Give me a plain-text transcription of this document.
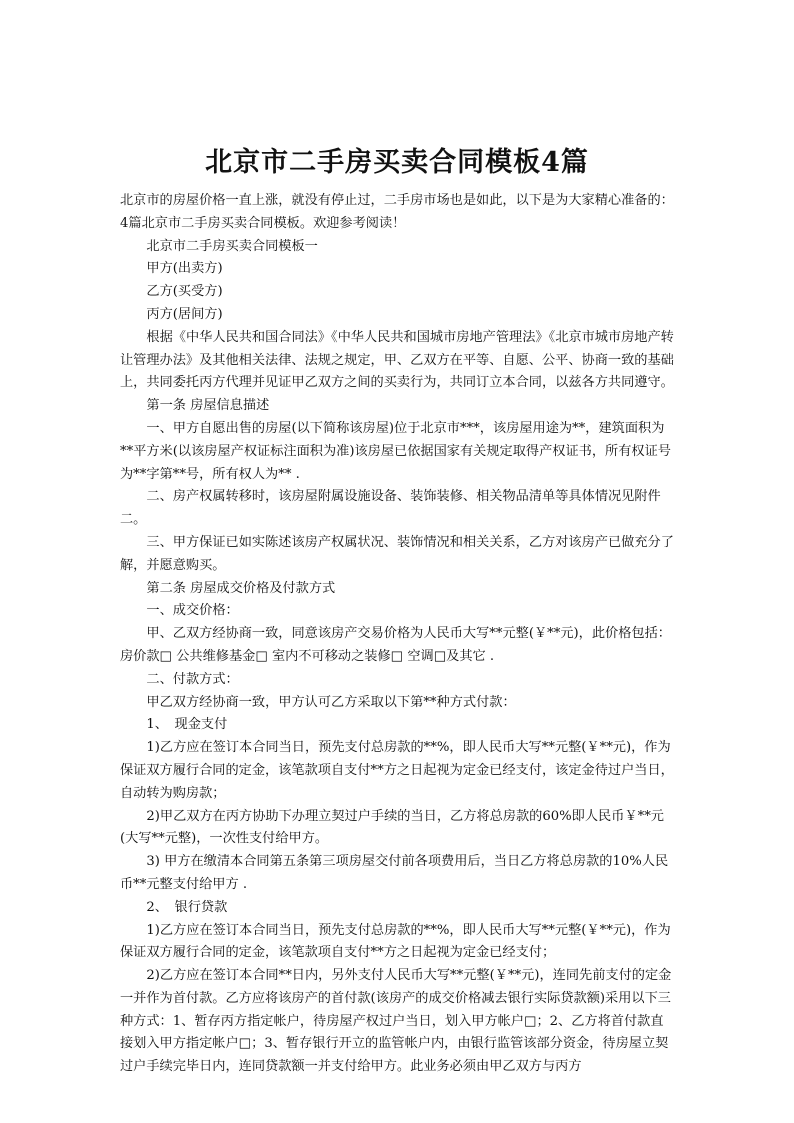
北京市二手房买卖合同模板4篇

北京市的房屋价格一直上涨，就没有停止过，二手房市场也是如此，以下是为大家精心准备的：4篇北京市二手房买卖合同模板。欢迎参考阅读！

北京市二手房买卖合同模板一

甲方(出卖方)

乙方(买受方)

丙方(居间方)

根据《中华人民共和国合同法》《中华人民共和国城市房地产管理法》《北京市城市房地产转让管理办法》及其他相关法律、法规之规定，甲、乙双方在平等、自愿、公平、协商一致的基础上，共同委托丙方代理并见证甲乙双方之间的买卖行为，共同订立本合同，以兹各方共同遵守。

第一条 房屋信息描述

一、甲方自愿出售的房屋(以下简称该房屋)位于北京市***，该房屋用途为**，建筑面积为**平方米(以该房屋产权证标注面积为准)该房屋已依据国家有关规定取得产权证书，所有权证号为**字第**号，所有权人为** .

二、房产权属转移时，该房屋附属设施设备、装饰装修、相关物品清单等具体情况见附件二。

三、甲方保证已如实陈述该房产权属状况、装饰情况和相关关系，乙方对该房产已做充分了解，并愿意购买。

第二条 房屋成交价格及付款方式

一、成交价格：

甲、乙双方经协商一致，同意该房产交易价格为人民币大写**元整(￥**元)，此价格包括：房价款□ 公共维修基金□ 室内不可移动之装修□ 空调□及其它 .

二、付款方式：

甲乙双方经协商一致，甲方认可乙方采取以下第**种方式付款：

1、　现金支付

1)乙方应在签订本合同当日，预先支付总房款的**%，即人民币大写**元整(￥**元)，作为保证双方履行合同的定金，该笔款项自支付**方之日起视为定金已经支付，该定金待过户当日，自动转为购房款；

2)甲乙双方在丙方协助下办理立契过户手续的当日，乙方将总房款的60%即人民币￥**元(大写**元整)，一次性支付给甲方。

3) 甲方在缴清本合同第五条第三项房屋交付前各项费用后，当日乙方将总房款的10%人民币**元整支付给甲方 .

2、　银行贷款

1)乙方应在签订本合同当日，预先支付总房款的**%，即人民币大写**元整(￥**元)，作为保证双方履行合同的定金，该笔款项自支付**方之日起视为定金已经支付；

2)乙方应在签订本合同**日内，另外支付人民币大写**元整(￥**元)，连同先前支付的定金一并作为首付款。乙方应将该房产的首付款(该房产的成交价格减去银行实际贷款额)采用以下三种方式：1、暂存丙方指定帐户，待房屋产权过户当日，划入甲方帐户□；2、乙方将首付款直接划入甲方指定帐户□；3、暂存银行开立的监管帐户内，由银行监管该部分资金，待房屋立契过户手续完毕日内，连同贷款额一并支付给甲方。此业务必须由甲乙双方与丙方
